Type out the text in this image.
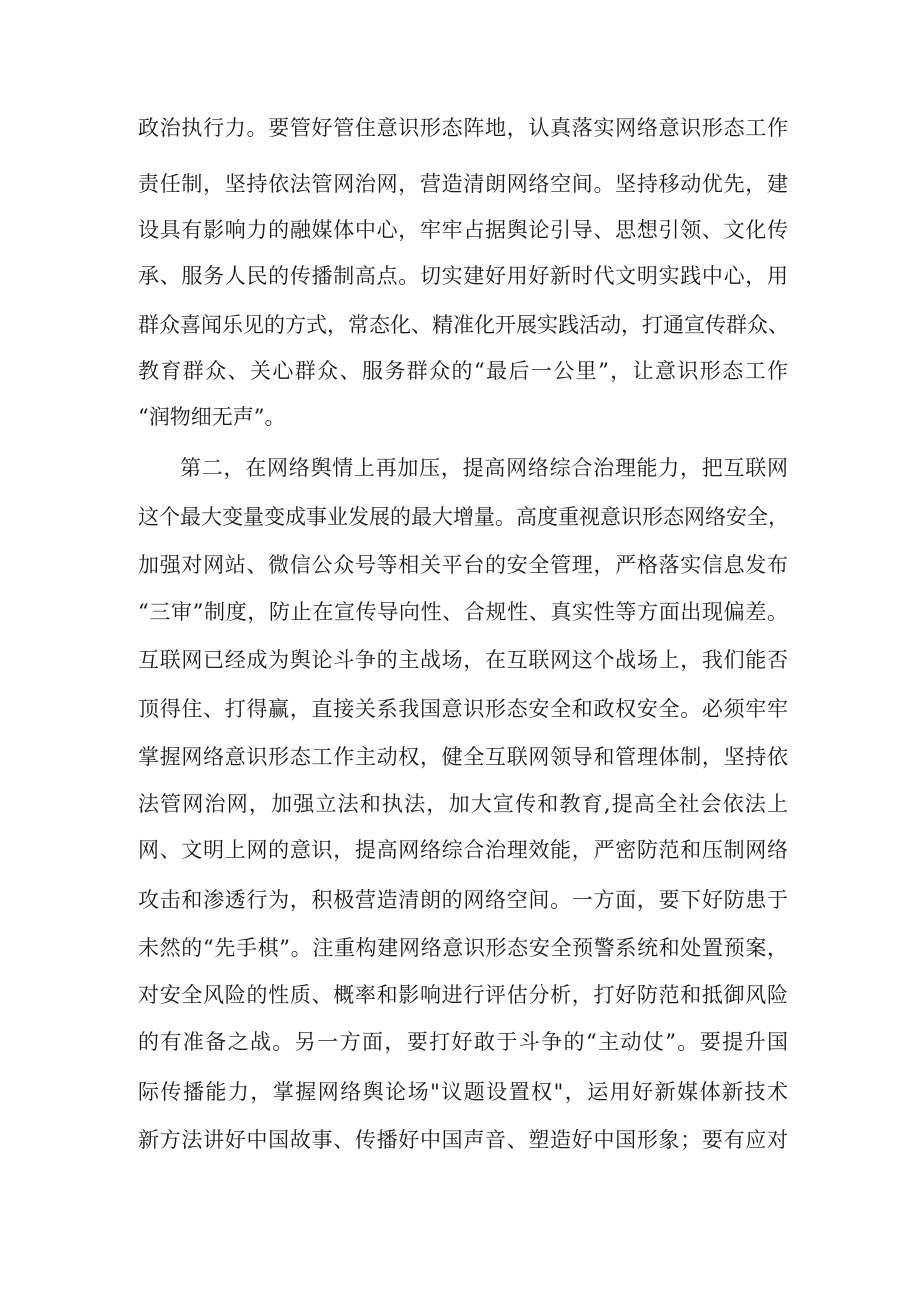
政治执行力。要管好管住意识形态阵地，认真落实网络意识形态工作
责任制，坚持依法管网治网，营造清朗网络空间。坚持移动优先，建
设具有影响力的融媒体中心，牢牢占据舆论引导、思想引领、文化传
承、服务人民的传播制高点。切实建好用好新时代文明实践中心，用
群众喜闻乐见的方式，常态化、精准化开展实践活动，打通宣传群众、
教育群众、关心群众、服务群众的“最后一公里”，让意识形态工作
“润物细无声”。
第二，在网络舆情上再加压，提高网络综合治理能力，把互联网
这个最大变量变成事业发展的最大增量。高度重视意识形态网络安全，
加强对网站、微信公众号等相关平台的安全管理，严格落实信息发布
“三审”制度，防止在宣传导向性、合规性、真实性等方面出现偏差。
互联网已经成为舆论斗争的主战场，在互联网这个战场上，我们能否
顶得住、打得赢，直接关系我国意识形态安全和政权安全。必须牢牢
掌握网络意识形态工作主动权，健全互联网领导和管理体制，坚持依
法管网治网，加强立法和执法，加大宣传和教育,提高全社会依法上
网、文明上网的意识，提高网络综合治理效能，严密防范和压制网络
攻击和渗透行为，积极营造清朗的网络空间。一方面，要下好防患于
未然的“先手棋”。注重构建网络意识形态安全预警系统和处置预案，
对安全风险的性质、概率和影响进行评估分析，打好防范和抵御风险
的有准备之战。另一方面，要打好敢于斗争的“主动仗”。要提升国
际传播能力，掌握网络舆论场"议题设置权"，运用好新媒体新技术
新方法讲好中国故事、传播好中国声音、塑造好中国形象；要有应对
